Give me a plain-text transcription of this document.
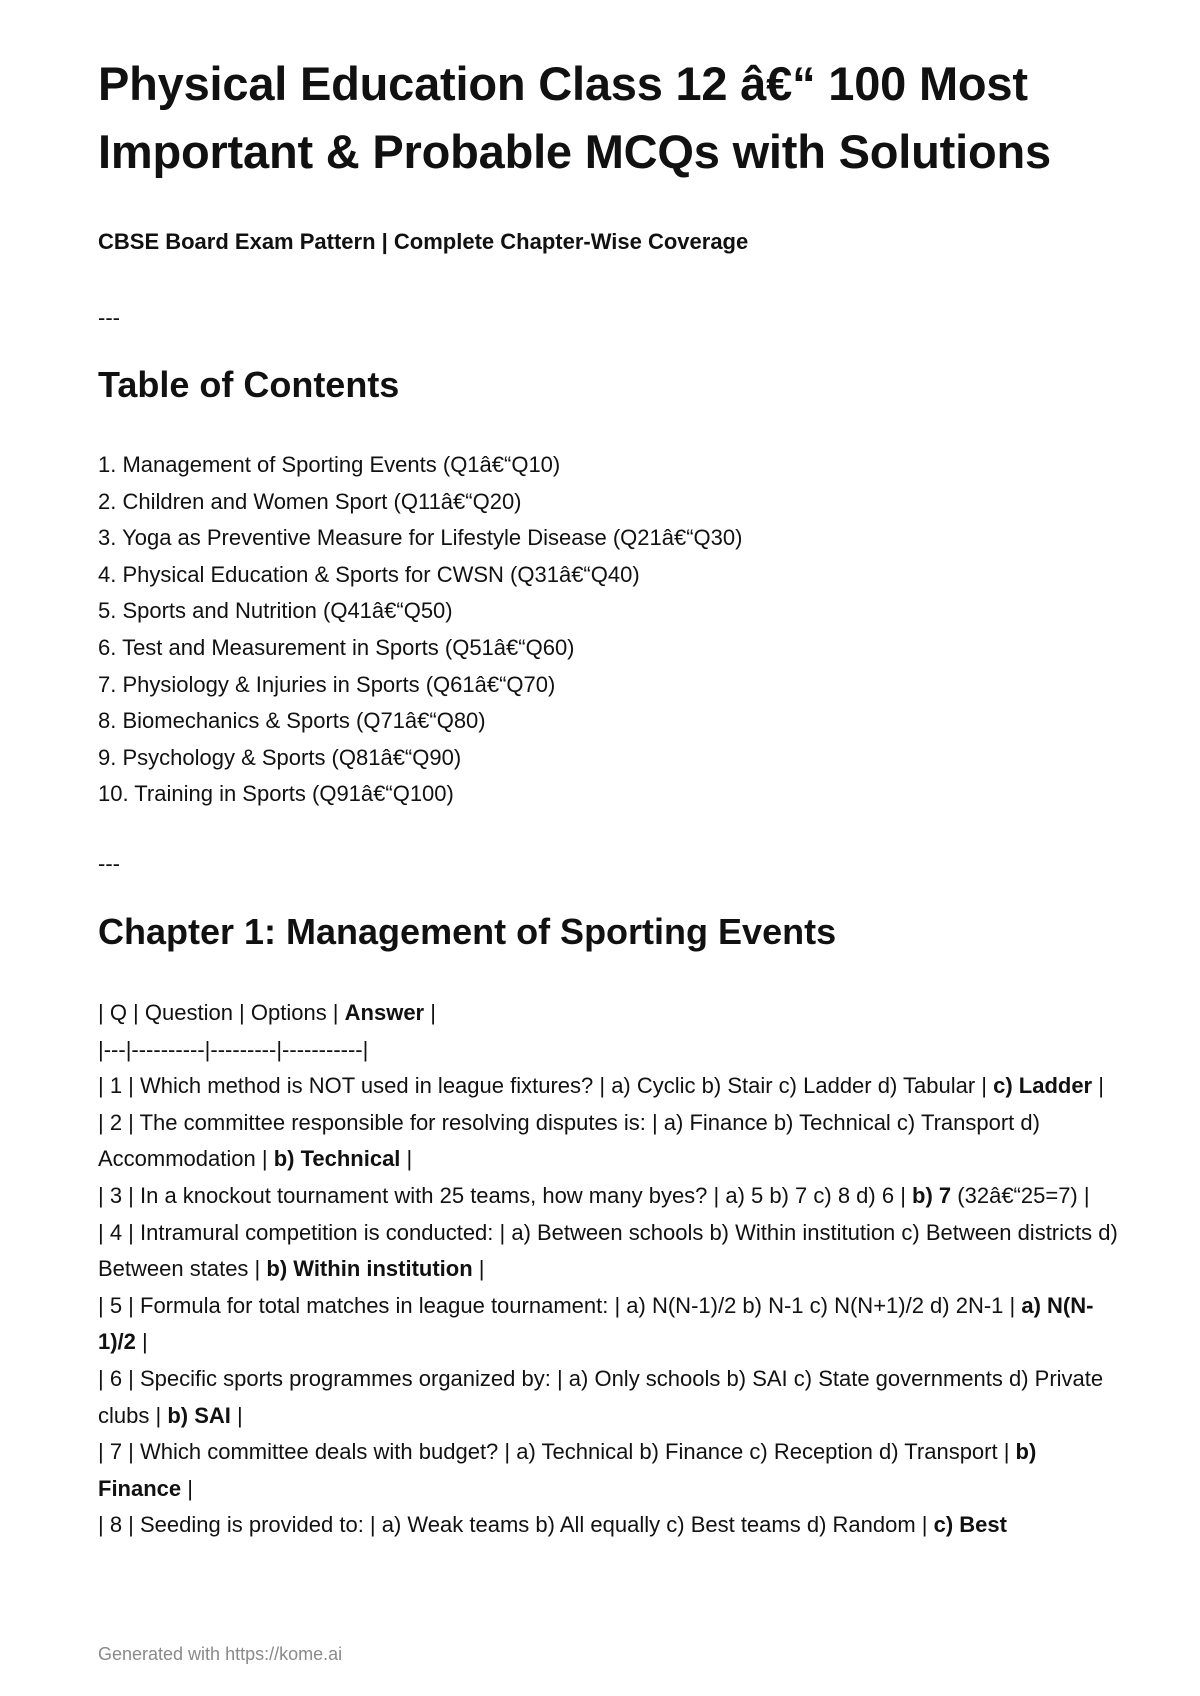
Physical Education Class 12 â€“ 100 Most Important & Probable MCQs with Solutions

CBSE Board Exam Pattern | Complete Chapter-Wise Coverage

---

Table of Contents
1. Management of Sporting Events (Q1â€“Q10)
2. Children and Women Sport (Q11â€“Q20)
3. Yoga as Preventive Measure for Lifestyle Disease (Q21â€“Q30)
4. Physical Education & Sports for CWSN (Q31â€“Q40)
5. Sports and Nutrition (Q41â€“Q50)
6. Test and Measurement in Sports (Q51â€“Q60)
7. Physiology & Injuries in Sports (Q61â€“Q70)
8. Biomechanics & Sports (Q71â€“Q80)
9. Psychology & Sports (Q81â€“Q90)
10. Training in Sports (Q91â€“Q100)

---

Chapter 1: Management of Sporting Events

| Q | Question | Options | Answer |

|---|----------|---------|-----------|

| 1 | Which method is NOT used in league fixtures? | a) Cyclic b) Stair c) Ladder d) Tabular | c) Ladder |

| 2 | The committee responsible for resolving disputes is: | a) Finance b) Technical c) Transport d) Accommodation | b) Technical |

| 3 | In a knockout tournament with 25 teams, how many byes? | a) 5 b) 7 c) 8 d) 6 | b) 7 (32â€“25=7) |

| 4 | Intramural competition is conducted: | a) Between schools b) Within institution c) Between districts d) Between states | b) Within institution |

| 5 | Formula for total matches in league tournament: | a) N(N-1)/2 b) N-1 c) N(N+1)/2 d) 2N-1 | a) N(N-1)/2 |

| 6 | Specific sports programmes organized by: | a) Only schools b) SAI c) State governments d) Private clubs | b) SAI |

| 7 | Which committee deals with budget? | a) Technical b) Finance c) Reception d) Transport | b) Finance |

| 8 | Seeding is provided to: | a) Weak teams b) All equally c) Best teams d) Random | c) Best

Generated with https://kome.ai
